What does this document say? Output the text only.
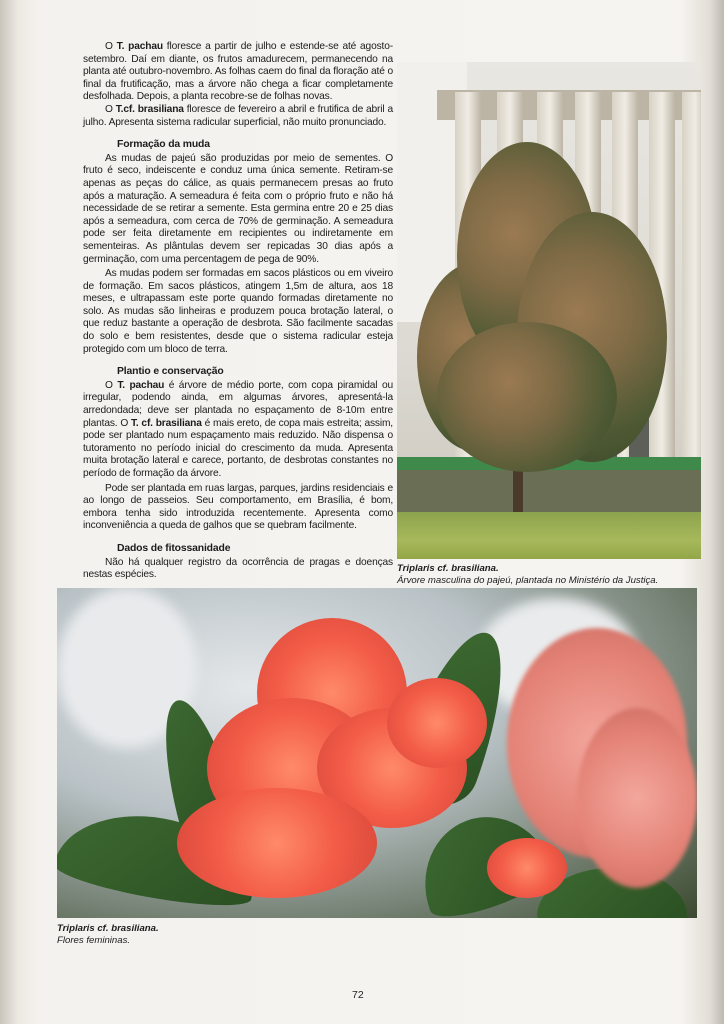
O T. pachau floresce a partir de julho e estende-se até agosto-setembro. Daí em diante, os frutos amadurecem, permanecendo na planta até outubro-novembro. As folhas caem do final da floração até o final da frutificação, mas a árvore não chega a ficar completamente desfolhada. Depois, a planta recobre-se de folhas novas.

O T.cf. brasiliana floresce de fevereiro a abril e frutifica de abril a julho. Apresenta sistema radicular superficial, não muito pronunciado.

Formação da muda

As mudas de pajeú são produzidas por meio de sementes. O fruto é seco, indeiscente e conduz uma única semente. Retiram-se apenas as peças do cálice, as quais permanecem presas ao fruto após a maturação. A semeadura é feita com o próprio fruto e não há necessidade de se retirar a semente. Esta germina entre 20 e 25 dias após a semeadura, com cerca de 70% de germinação. A semeadura pode ser feita diretamente em recipientes ou indiretamente em sementeiras. As plântulas devem ser repicadas 30 dias após a germinação, com uma percentagem de pega de 90%.

As mudas podem ser formadas em sacos plásticos ou em viveiro de formação. Em sacos plásticos, atingem 1,5m de altura, aos 18 meses, e ultrapassam este porte quando formadas diretamente no solo. As mudas são linheiras e produzem pouca brotação lateral, o que reduz bastante a operação de desbrota. São facilmente sacadas do solo e bem resistentes, desde que o sistema radicular esteja protegido com um bloco de terra.

Plantio e conservação

O T. pachau é árvore de médio porte, com copa piramidal ou irregular, podendo ainda, em algumas árvores, apresentá-la arredondada; deve ser plantada no espaçamento de 8-10m entre plantas. O T. cf. brasiliana é mais ereto, de copa mais estreita; assim, pode ser plantado num espaçamento mais reduzido. Não dispensa o tutoramento no período inicial do crescimento da muda. Apresenta muita brotação lateral e carece, portanto, de desbrotas constantes no período de formação da árvore.

Pode ser plantada em ruas largas, parques, jardins residenciais e ao longo de passeios. Seu comportamento, em Brasília, é bom, embora tenha sido introduzida recentemente. Apresenta como inconveniência a queda de galhos que se quebram facilmente.

Dados de fitossanidade

Não há qualquer registro da ocorrência de pragas e doenças nestas espécies.

Triplaris cf. brasiliana.
Árvore masculina do pajeú, plantada no Ministério da Justiça.
Triplaris cf. brasiliana.
Flores femininas.
72
